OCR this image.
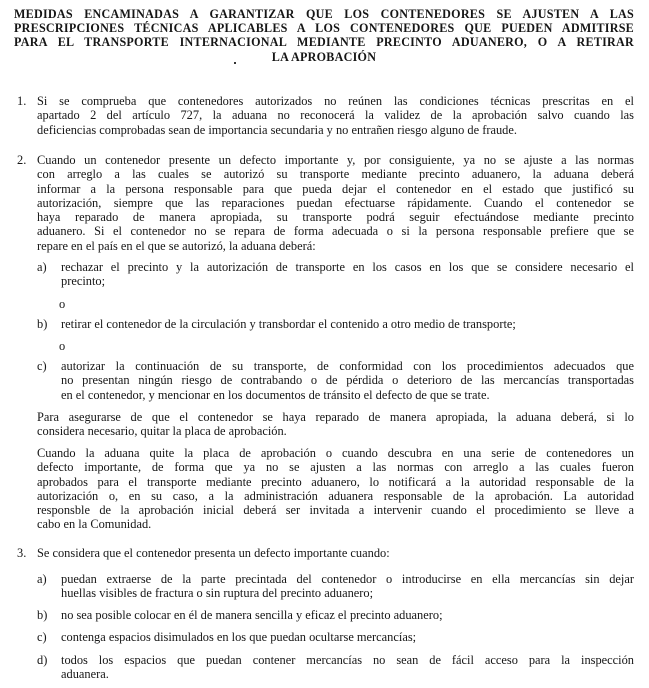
MEDIDAS ENCAMINADAS A GARANTIZAR QUE LOS CONTENEDORES SE AJUSTEN A LAS
PRESCRIPCIONES TÉCNICAS APLICABLES A LOS CONTENEDORES QUE PUEDEN ADMITIRSE
PARA EL TRANSPORTE INTERNACIONAL MEDIANTE PRECINTO ADUANERO, O A RETIRAR
LA APROBACIÓN
1. Si se comprueba que contenedores autorizados no reúnen las condiciones técnicas prescritas en el
apartado 2 del artículo 727, la aduana no reconocerá la validez de la aprobación salvo cuando las
deficiencias comprobadas sean de importancia secundaria y no entrañen riesgo alguno de fraude.
2. Cuando un contenedor presente un defecto importante y, por consiguiente, ya no se ajuste a las normas
con arreglo a las cuales se autorizó su transporte mediante precinto aduanero, la aduana deberá
informar a la persona responsable para que pueda dejar el contenedor en el estado que justificó su
autorización, siempre que las reparaciones puedan efectuarse rápidamente. Cuando el contenedor se
haya reparado de manera apropiada, su transporte podrá seguir efectuándose mediante precinto
aduanero. Si el contenedor no se repara de forma adecuada o si la persona responsable prefiere que se
repare en el país en el que se autorizó, la aduana deberá:
a) rechazar el precinto y la autorización de transporte en los casos en los que se considere necesario el
precinto;
o
b) retirar el contenedor de la circulación y transbordar el contenido a otro medio de transporte;
o
c) autorizar la continuación de su transporte, de conformidad con los procedimientos adecuados que
no presentan ningún riesgo de contrabando o de pérdida o deterioro de las mercancías transportadas
en el contenedor, y mencionar en los documentos de tránsito el defecto de que se trate.
Para asegurarse de que el contenedor se haya reparado de manera apropiada, la aduana deberá, si lo
considera necesario, quitar la placa de aprobación.
Cuando la aduana quite la placa de aprobación o cuando descubra en una serie de contenedores un
defecto importante, de forma que ya no se ajusten a las normas con arreglo a las cuales fueron
aprobados para el transporte mediante precinto aduanero, lo notificará a la autoridad responsable de la
autorización o, en su caso, a la administración aduanera responsable de la aprobación. La autoridad
responsble de la aprobación inicial deberá ser invitada a intervenir cuando el procedimiento se lleve a
cabo en la Comunidad.
3. Se considera que el contenedor presenta un defecto importante cuando:
a) puedan extraerse de la parte precintada del contenedor o introducirse en ella mercancías sin dejar
huellas visibles de fractura o sin ruptura del precinto aduanero;
b) no sea posible colocar en él de manera sencilla y eficaz el precinto aduanero;
c) contenga espacios disimulados en los que puedan ocultarse mercancías;
d) todos los espacios que puedan contener mercancías no sean de fácil acceso para la inspección
aduanera.
